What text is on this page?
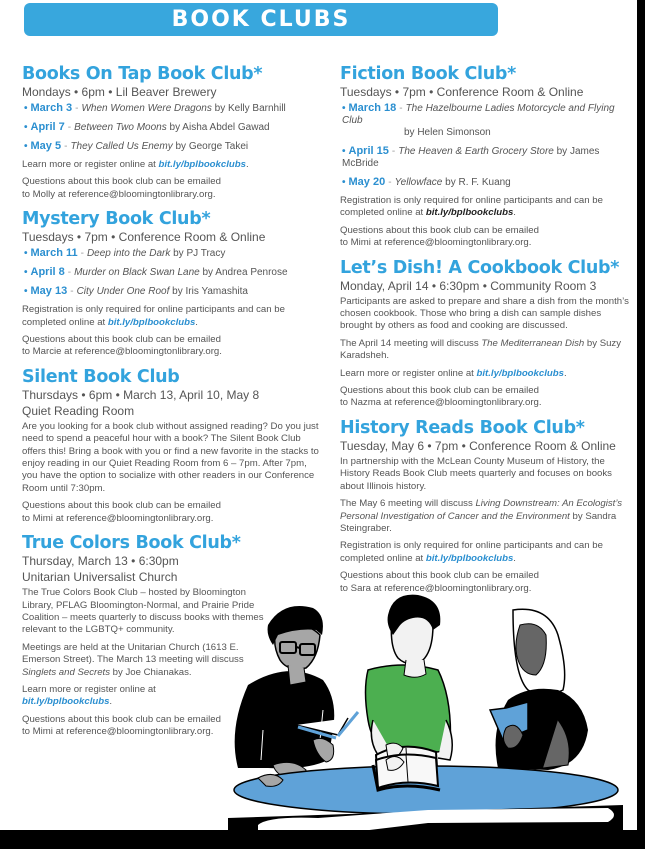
BOOK CLUBS
Books On Tap Book Club*

Mondays • 6pm • Lil Beaver Brewery

• March 3 - When Women Were Dragons by Kelly Barnhill
• April 7 - Between Two Moons by Aisha Abdel Gawad
• May 5 - They Called Us Enemy by George Takei

Learn more or register online at bit.ly/bplbookclubs.

Questions about this book club can be emailed
to Molly at reference@bloomingtonlibrary.org.

Mystery Book Club*

Tuesdays • 7pm • Conference Room & Online

• March 11 - Deep into the Dark by PJ Tracy
• April 8 - Murder on Black Swan Lane by Andrea Penrose
• May 13 - City Under One Roof by Iris Yamashita

Registration is only required for online participants and can be
completed online at bit.ly/bplbookclubs.

Questions about this book club can be emailed
to Marcie at reference@bloomingtonlibrary.org.

Silent Book Club

Thursdays • 6pm • March 13, April 10, May 8

Quiet Reading Room

Are you looking for a book club without assigned reading? Do you just need to spend a peaceful hour with a book? The Silent Book Club offers this! Bring a book with you or find a new favorite in the stacks to enjoy reading in our Quiet Reading Room from 6 – 7pm. After 7pm, you have the option to socialize with other readers in our Conference Room until 7:30pm.

Questions about this book club can be emailed
to Mimi at reference@bloomingtonlibrary.org.

True Colors Book Club*

Thursday, March 13 • 6:30pm

Unitarian Universalist Church

The True Colors Book Club – hosted by Bloomington Library, PFLAG Bloomington-Normal, and Prairie Pride Coalition – meets quarterly to discuss books with themes relevant to the LGBTQ+ community.

Meetings are held at the Unitarian Church (1613 E. Emerson Street). The March 13 meeting will discuss Singlets and Secrets by Joe Chianakas.

Learn more or register online at
bit.ly/bplbookclubs.

Questions about this book club can be emailed
to Mimi at reference@bloomingtonlibrary.org.

Fiction Book Club*

Tuesdays • 7pm • Conference Room & Online

• March 18 - The Hazelbourne Ladies Motorcycle and Flying Club
by Helen Simonson
• April 15 - The Heaven & Earth Grocery Store by James McBride
• May 20 - Yellowface by R. F. Kuang

Registration is only required for online participants and can be
completed online at bit.ly/bplbookclubs.

Questions about this book club can be emailed
to Mimi at reference@bloomingtonlibrary.org.

Let’s Dish! A Cookbook Club*

Monday, April 14 • 6:30pm • Community Room 3

Participants are asked to prepare and share a dish from the month’s chosen cookbook. Those who bring a dish can sample dishes brought by others as food and cooking are discussed.

The April 14 meeting will discuss The Mediterranean Dish by Suzy Karadsheh.

Learn more or register online at bit.ly/bplbookclubs.

Questions about this book club can be emailed
to Nazma at reference@bloomingtonlibrary.org.

History Reads Book Club*

Tuesday, May 6 • 7pm • Conference Room & Online

In partnership with the McLean County Museum of History, the History Reads Book Club meets quarterly and focuses on books about Illinois history.

The May 6 meeting will discuss Living Downstream: An Ecologist’s Personal Investigation of Cancer and the Environment by Sandra Steingraber.

Registration is only required for online participants and can be
completed online at bit.ly/bplbookclubs.

Questions about this book club can be emailed
to Sara at reference@bloomingtonlibrary.org.
